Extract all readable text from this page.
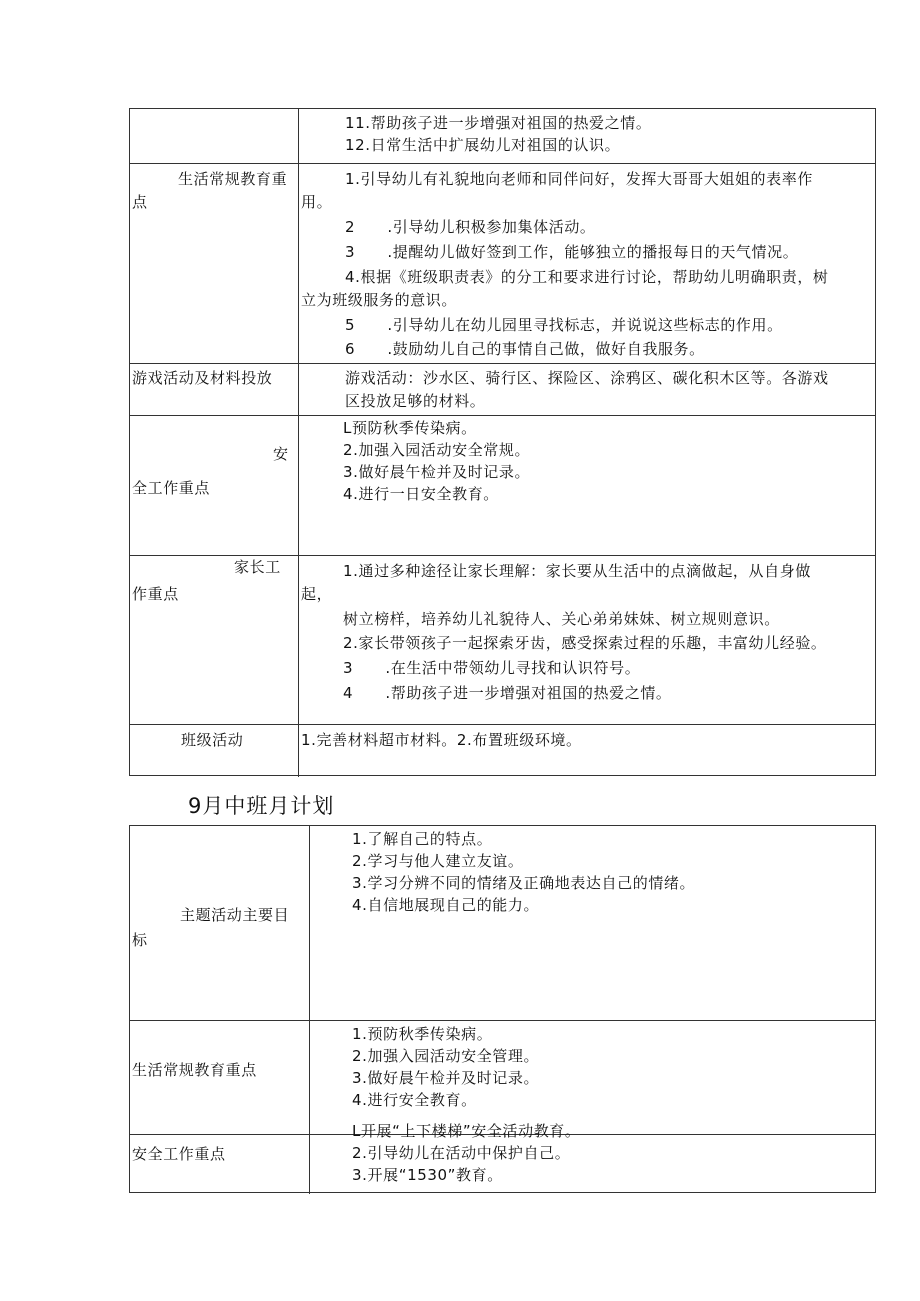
11.帮助孩子进一步增强对祖国的热爱之情。
12.日常生活中扩展幼儿对祖国的认识。
生活常规教育重
点
1.引导幼儿有礼貌地向老师和同伴问好，发挥大哥哥大姐姐的表率作
用。
2      .引导幼儿积极参加集体活动。
3      .提醒幼儿做好签到工作，能够独立的播报每日的天气情况。
4.根据《班级职责表》的分工和要求进行讨论，帮助幼儿明确职责，树
立为班级服务的意识。
5      .引导幼儿在幼儿园里寻找标志，并说说这些标志的作用。
6      .鼓励幼儿自己的事情自己做，做好自我服务。
游戏活动及材料投放	游戏活动：沙水区、骑行区、探险区、涂鸦区、碳化积木区等。各游戏
区投放足够的材料。
安
全工作重点
L预防秋季传染病。
2.加强入园活动安全常规。
3.做好晨午检并及时记录。
4.进行一日安全教育。
家长工
作重点
1.通过多种途径让家长理解：家长要从生活中的点滴做起，从自身做
起，
树立榜样，培养幼儿礼貌待人、关心弟弟妹妹、树立规则意识。
2.家长带领孩子一起探索牙齿，感受探索过程的乐趣，丰富幼儿经验。
3      .在生活中带领幼儿寻找和认识符号。
4      .帮助孩子进一步增强对祖国的热爱之情。
班级活动	1.完善材料超市材料。2.布置班级环境。
9月中班月计划
主题活动主要目
标
1.了解自己的特点。
2.学习与他人建立友谊。
3.学习分辨不同的情绪及正确地表达自己的情绪。
4.自信地展现自己的能力。
生活常规教育重点
1.预防秋季传染病。
2.加强入园活动安全管理。
3.做好晨午检并及时记录。
4.进行安全教育。
安全工作重点
L开展“上下楼梯”安全活动教育。
2.引导幼儿在活动中保护自己。
3.开展“1530”教育。
